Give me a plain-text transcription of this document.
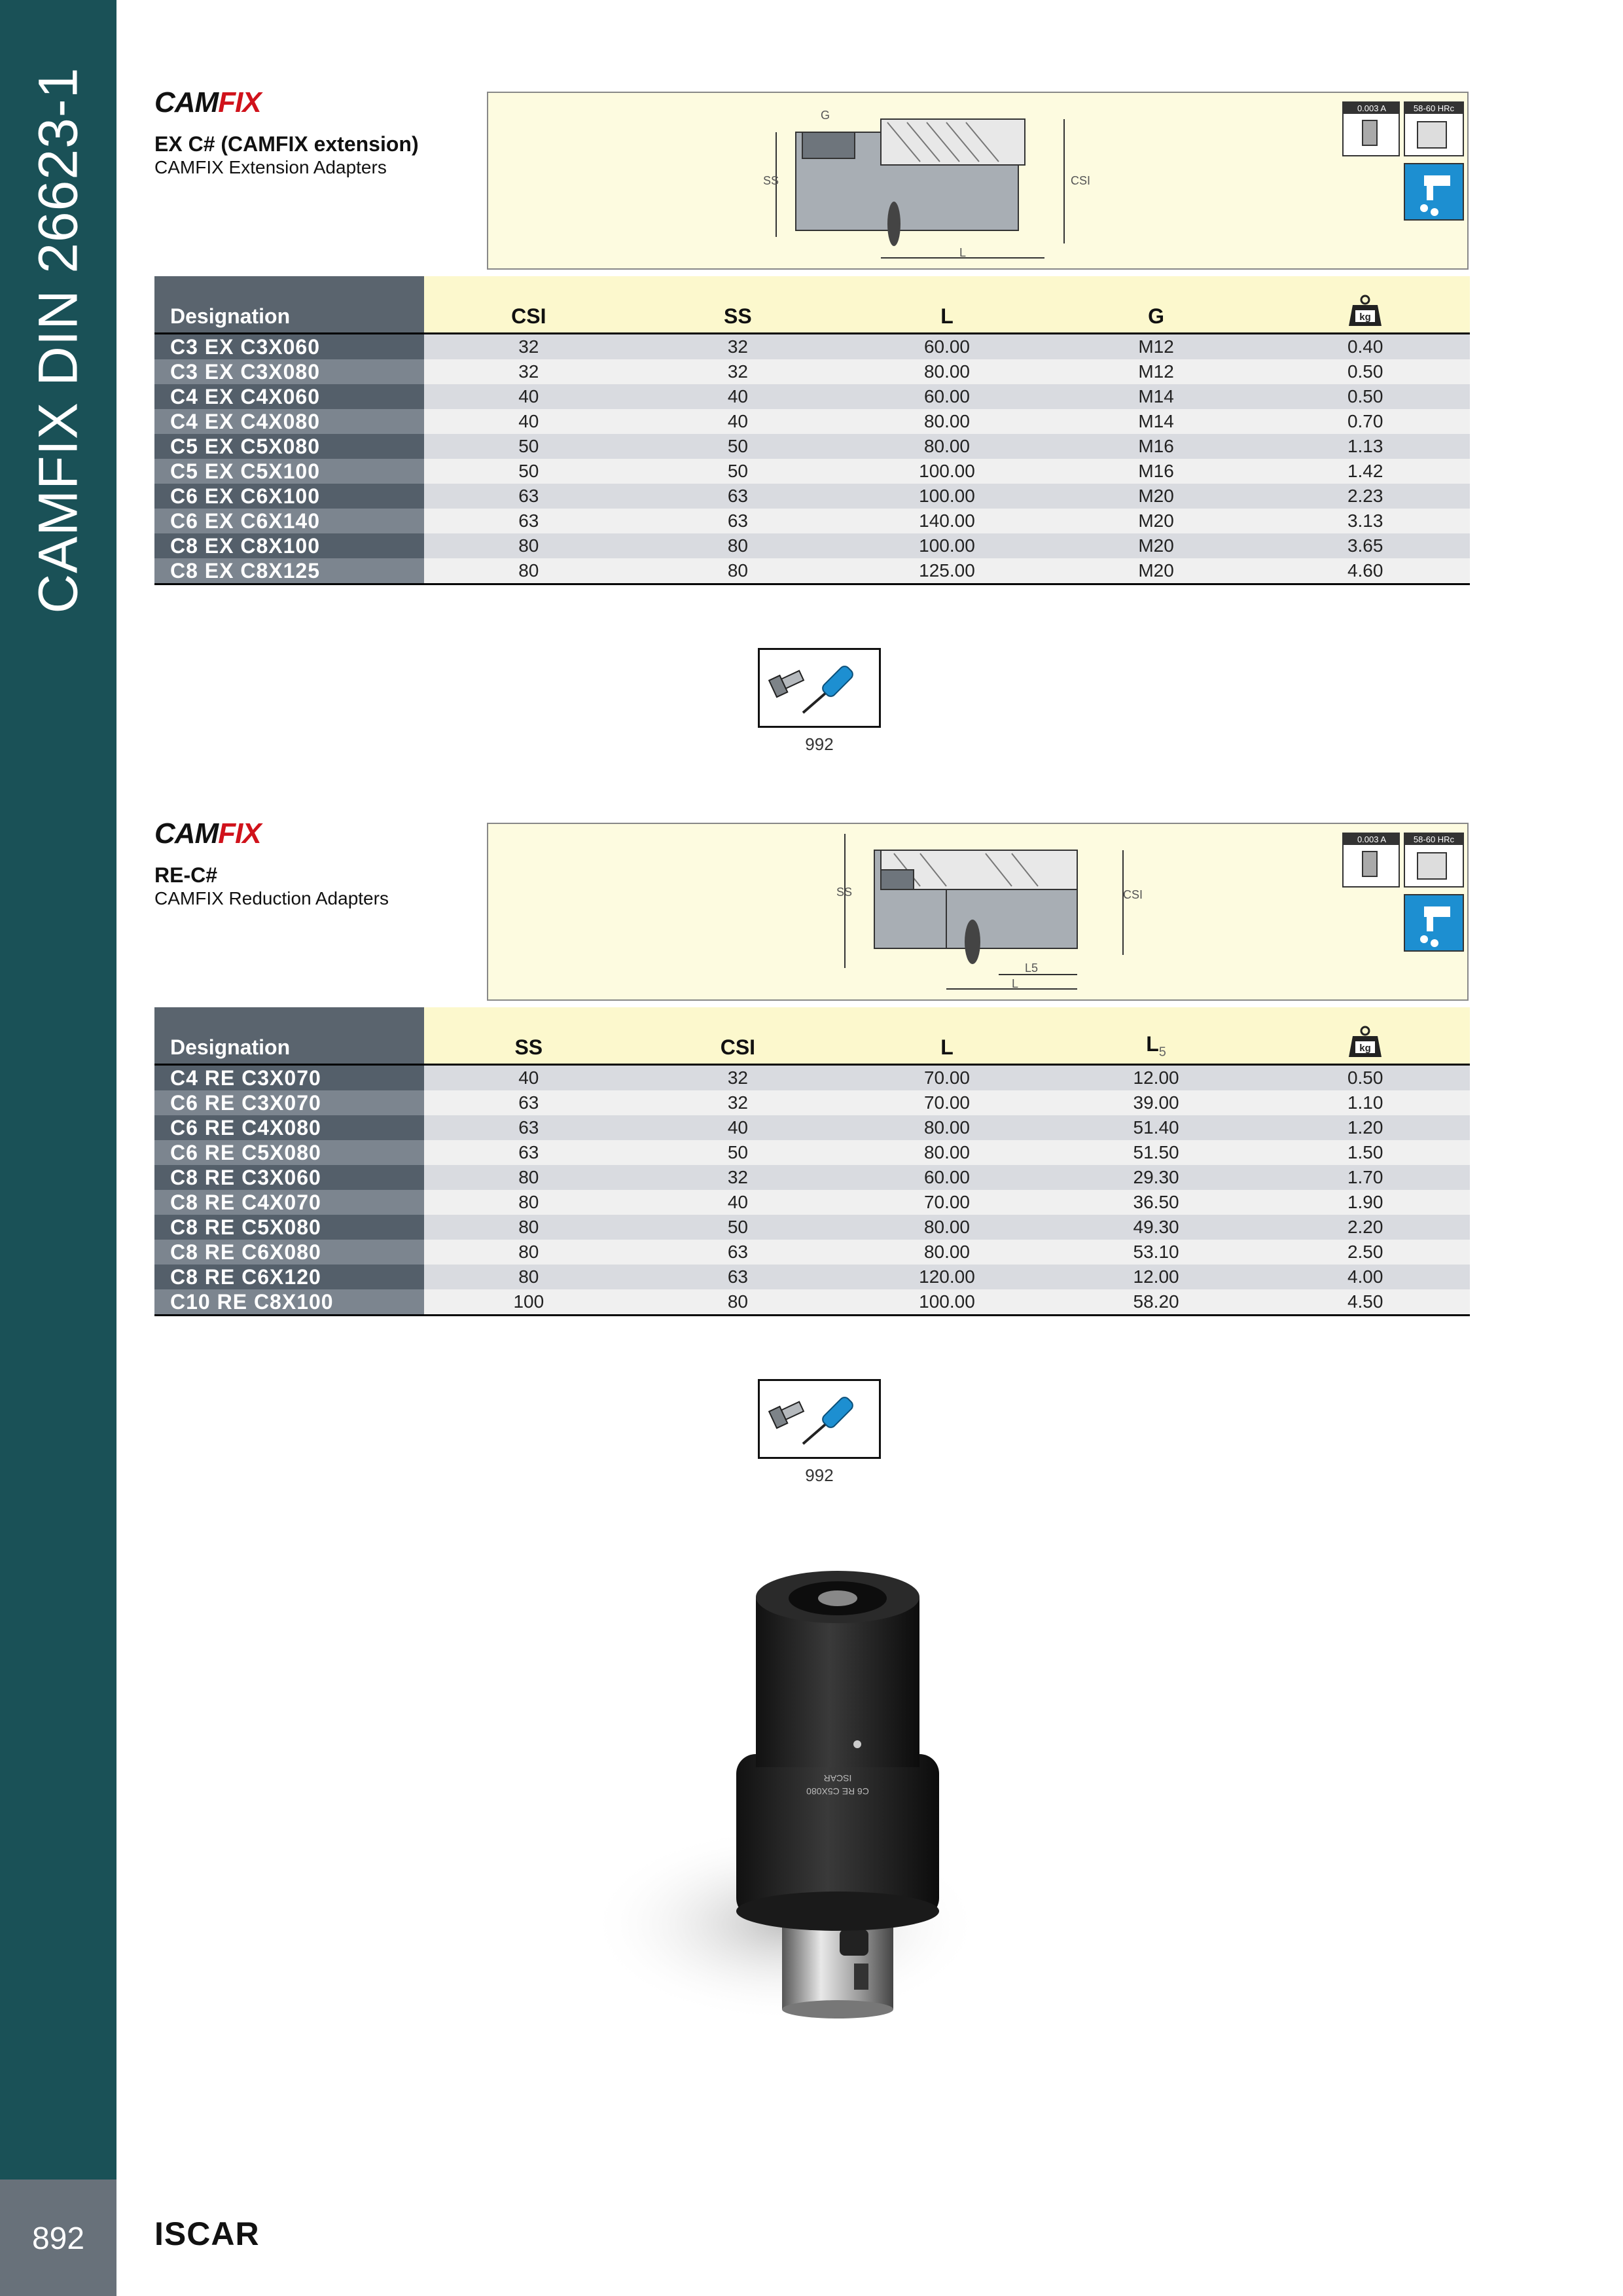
CAMFIX DIN 26623-1
892	ISCAR
CAMFIX
EX C# (CAMFIX extension)
CAMFIX Extension Adapters
G
SS	CSI
L
0.003 A	58-60 HRc
Designation	CSI	SS	L	G	kg

C3 EX C3X060	32	32	60.00	M12	0.40
C3 EX C3X080	32	32	80.00	M12	0.50
C4 EX C4X060	40	40	60.00	M14	0.50
C4 EX C4X080	40	40	80.00	M14	0.70
C5 EX C5X080	50	50	80.00	M16	1.13
C5 EX C5X100	50	50	100.00	M16	1.42
C6 EX C6X100	63	63	100.00	M20	2.23
C6 EX C6X140	63	63	140.00	M20	3.13
C8 EX C8X100	80	80	100.00	M20	3.65
C8 EX C8X125	80	80	125.00	M20	4.60
992
CAMFIX
RE-C#
CAMFIX Reduction Adapters	SS	CSI
L5
L
0.003 A	58-60 HRc
Designation	SS	CSI	L	$L_5$	kg

C4 RE C3X070	40	32	70.00	12.00	0.50
C6 RE C3X070	63	32	70.00	39.00	1.10
C6 RE C4X080	63	40	80.00	51.40	1.20
C6 RE C5X080	63	50	80.00	51.50	1.50
C8 RE C3X060	80	32	60.00	29.30	1.70
C8 RE C4X070	80	40	70.00	36.50	1.90
C8 RE C5X080	80	50	80.00	49.30	2.20
C8 RE C6X080	80	63	80.00	53.10	2.50
C8 RE C6X120	80	63	120.00	12.00	4.00
C10 RE C8X100	100	80	100.00	58.20	4.50
992
ISCAR
C6 RE C5X080
